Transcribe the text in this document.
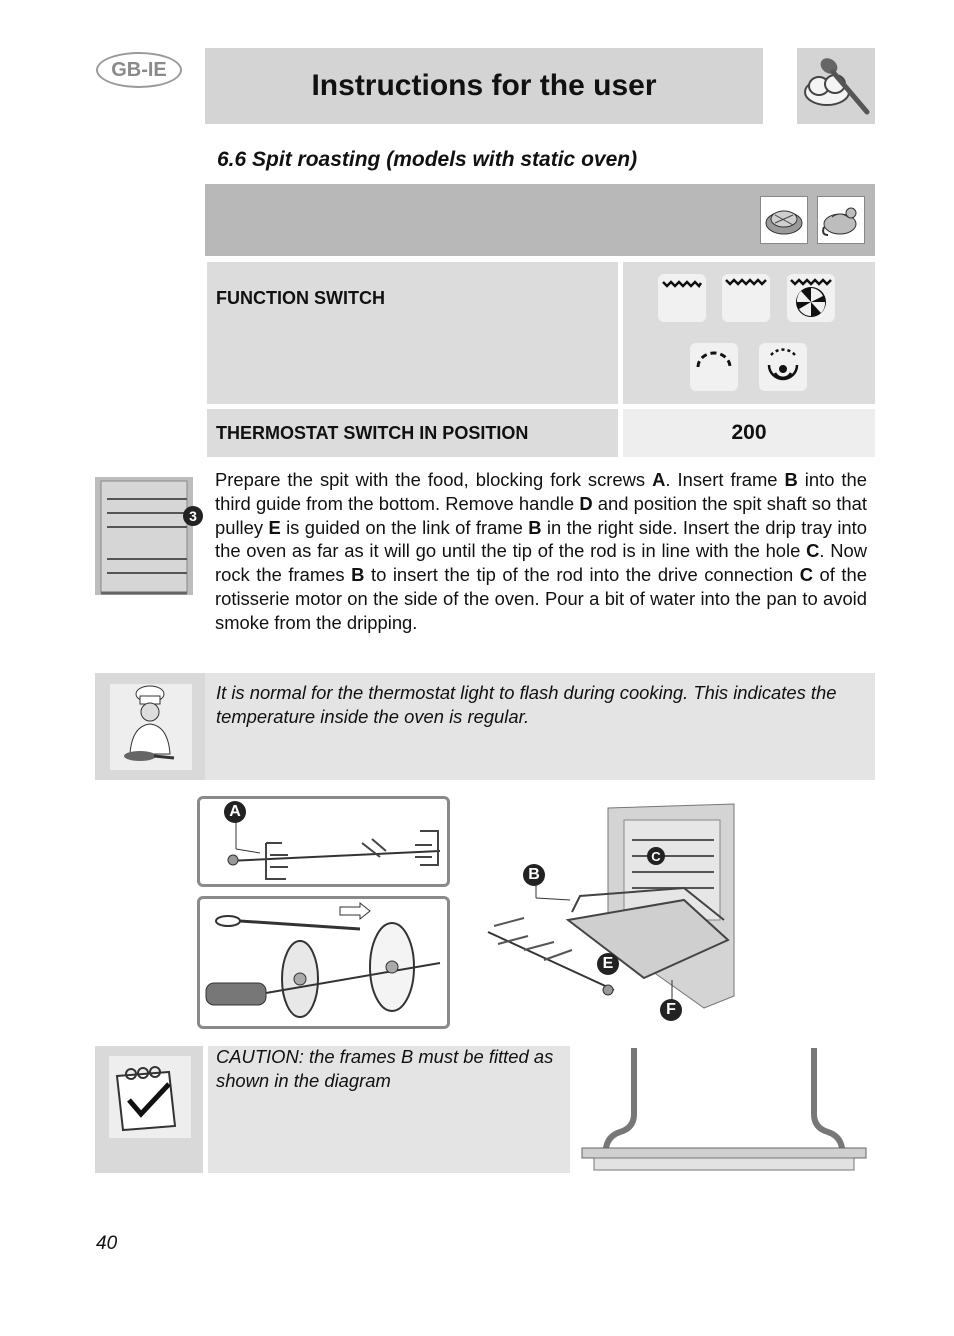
GB-IE	Instructions for the user
6.6 Spit roasting (models with static oven)
FUNCTION SWITCH
THERMOSTAT SWITCH IN POSITION	200
3
Prepare the spit with the food, blocking fork screws A. Insert frame B into the third guide from the bottom. Remove handle D and position the spit shaft so that pulley E is guided on the link of frame B in the right side. Insert the drip tray into the oven as far as it will go until the tip of the rod is in line with the hole C. Now rock the frames B to insert the tip of the rod into the drive connection C of the rotisserie motor on the side of the oven. Pour a bit of water into the pan to avoid smoke from the dripping.
It is normal for the thermostat light to flash during cooking. This indicates the temperature inside the oven is regular.
A
B
C
E
F
CAUTION: the frames B must be fitted as shown in the diagram
40
